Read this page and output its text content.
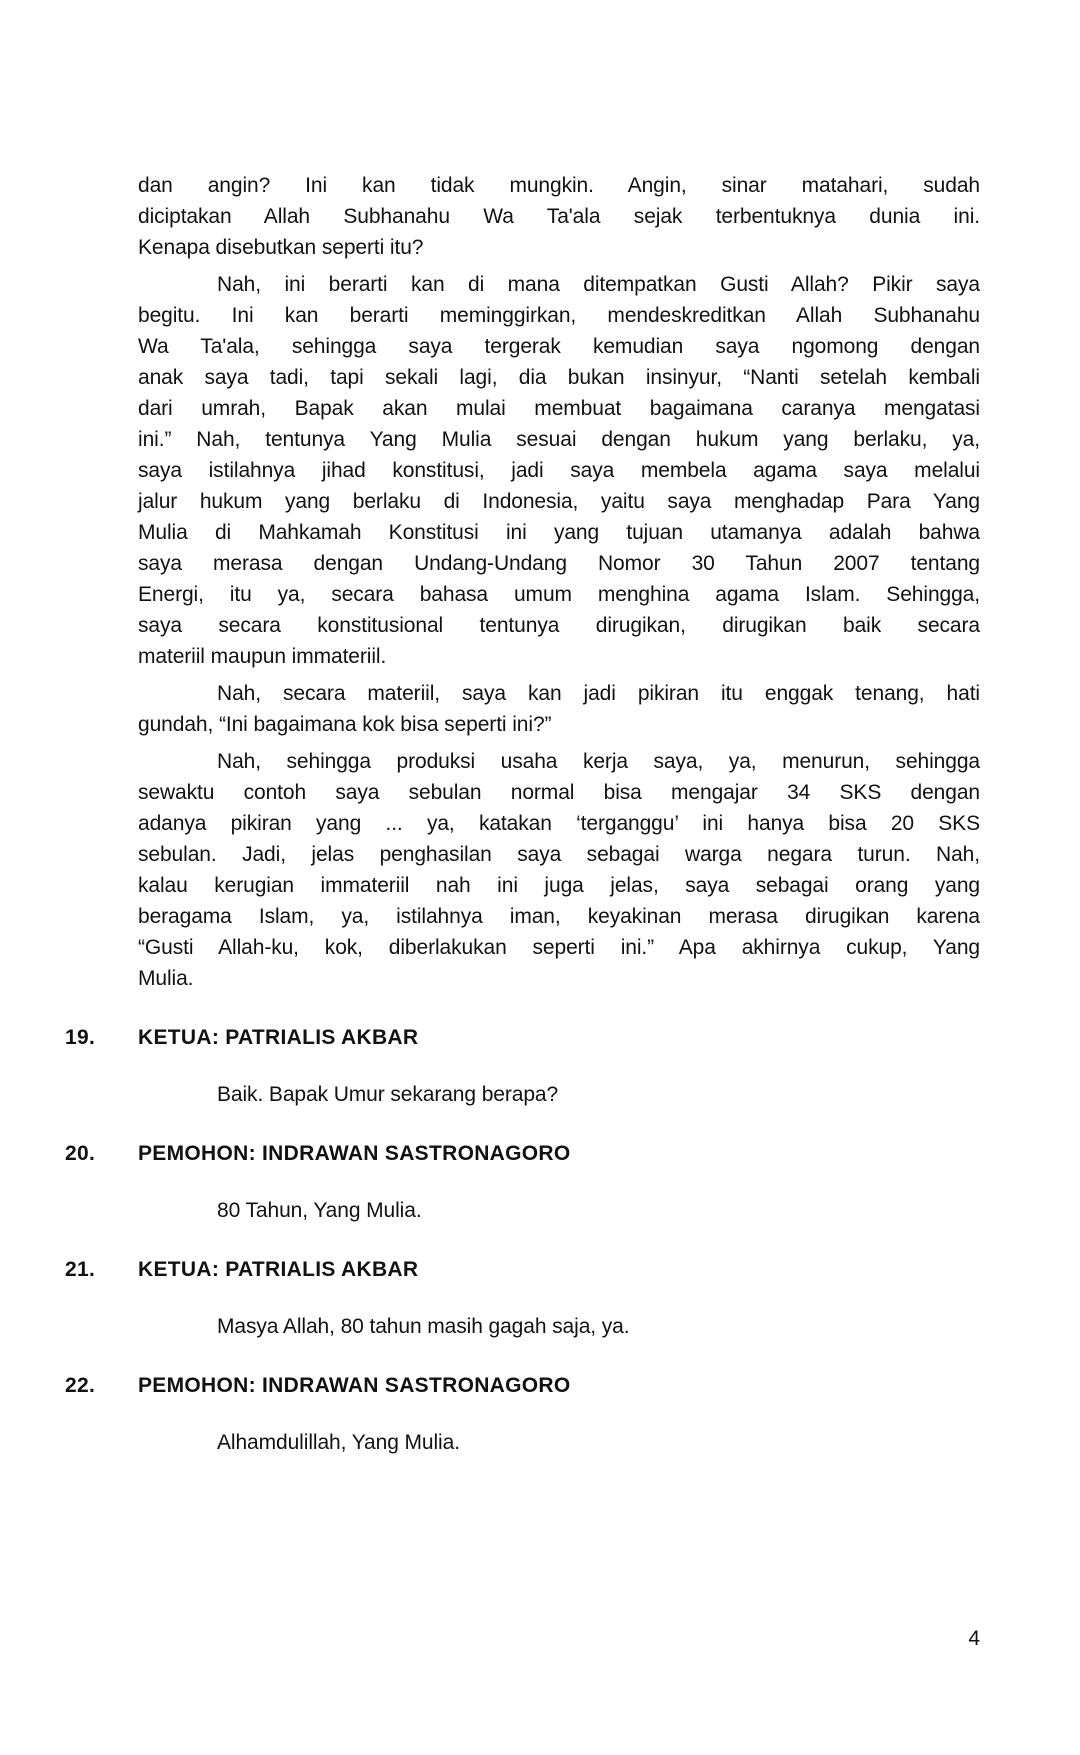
dan angin? Ini kan tidak mungkin. Angin, sinar matahari, sudah
diciptakan Allah Subhanahu Wa Ta'ala sejak terbentuknya dunia ini.
Kenapa disebutkan seperti itu?
Nah, ini berarti kan di mana ditempatkan Gusti Allah? Pikir saya
begitu. Ini kan berarti meminggirkan, mendeskreditkan Allah Subhanahu
Wa Ta'ala, sehingga saya tergerak kemudian saya ngomong dengan
anak saya tadi, tapi sekali lagi, dia bukan insinyur, “Nanti setelah kembali
dari umrah, Bapak akan mulai membuat bagaimana caranya mengatasi
ini.” Nah, tentunya Yang Mulia sesuai dengan hukum yang berlaku, ya,
saya istilahnya jihad konstitusi, jadi saya membela agama saya melalui
jalur hukum yang berlaku di Indonesia, yaitu saya menghadap Para Yang
Mulia di Mahkamah Konstitusi ini yang tujuan utamanya adalah bahwa
saya merasa dengan Undang-Undang Nomor 30 Tahun 2007 tentang
Energi, itu ya, secara bahasa umum menghina agama Islam. Sehingga,
saya secara konstitusional tentunya dirugikan, dirugikan baik secara
materiil maupun immateriil.
Nah, secara materiil, saya kan jadi pikiran itu enggak tenang, hati
gundah, “Ini bagaimana kok bisa seperti ini?”
Nah, sehingga produksi usaha kerja saya, ya, menurun, sehingga
sewaktu contoh saya sebulan normal bisa mengajar 34 SKS dengan
adanya pikiran yang ... ya, katakan ‘terganggu’ ini hanya bisa 20 SKS
sebulan. Jadi, jelas penghasilan saya sebagai warga negara turun. Nah,
kalau kerugian immateriil nah ini juga jelas, saya sebagai orang yang
beragama Islam, ya, istilahnya iman, keyakinan merasa dirugikan karena
“Gusti Allah-ku, kok, diberlakukan seperti ini.” Apa akhirnya cukup, Yang
Mulia.
19.	KETUA: PATRIALIS AKBAR
Baik. Bapak Umur sekarang berapa?
20.	PEMOHON: INDRAWAN SASTRONAGORO
80 Tahun, Yang Mulia.
21.	KETUA: PATRIALIS AKBAR
Masya Allah, 80 tahun masih gagah saja, ya.
22.	PEMOHON: INDRAWAN SASTRONAGORO
Alhamdulillah, Yang Mulia.
4
